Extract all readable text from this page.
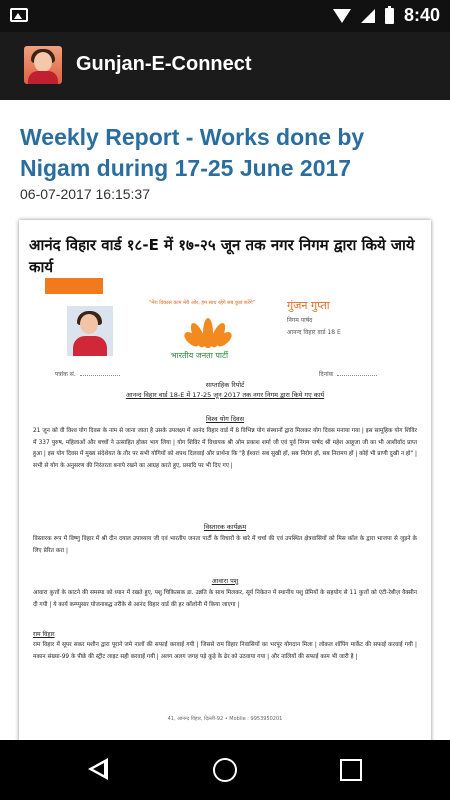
8:40
Gunjan-E-Connect
Weekly Report - Works done by Nigam during 17-25 June 2017
06-07-2017 16:15:37
आनंद विहार वार्ड १८-E में १७-२५ जून तक नगर निगम द्वारा किये जाये कार्य
"मेरा विकास काम मेरी ओर, हम साथ रहेंगे सब कुछ करेंगे"
भारतीय जनता पार्टी
गुंजन गुप्ता
निगम पार्षद
आनन्द विहार वार्ड 18 E
पत्रांक सं.	दिनांक
साप्ताहिक रिपोर्ट
आनन्द विहार वार्ड 18-E में 17-25 जून 2017 तक नगर निगम द्वारा किये गए कार्य
विश्व योग दिवस
21 जून को वी विश्व योग दिवस के नाम से जाना जाता है उसके उपलक्ष्य में आनंद विहार वार्ड में 8 विभिन्न योग संस्थानों द्वारा मिलकर योग दिवस मनाया गया | इस सामूहिक योग शिविर में 337 पुरुष, महिलाओं और बच्चों ने उत्साहित होकर भाग लिया | योग शिविर में विधायक श्री ओम प्रकाश शर्मा जी एवं पूर्व निगम पार्षद श्री महेश आहूजा जी का भी आशीर्वाद प्राप्त हुआ | इस योग दिवस में मुख्य संदेशेयत के तौर पर सभी योगियों को शपथ दिलवाई और प्रार्थना कि "है ईश्वर! सब सुखी हों, सब निरोग हों, सब निरामय हों | कोई भी प्राणी दुखी न हो" | सभी से योग के अनुसरण की निरंतरता बनाये रखने का आग्रह करते हुए, प्रसादि पर भी दिए गए |
विस्तारक कार्यक्रम
विस्तारक रूप में विष्णु विहार में श्री दीन दयाल उपाध्याय जी एवं भारतीय जनता पार्टी के विचारों के बारे में चर्चा की एवं उपस्थित क्षेत्रवासियों को मिस कॉल के द्वारा भाजपा से जुड़ने के लिए प्रेरित करा |
आवारा पशु
आवारा कुत्तों के काटने की समस्या को ध्यान में रखते हुए, पशु चिकित्सक डा. उन्नति के साथ मिलकर, सूर्य निकेतन में स्थानीय पशु प्रेमियों के सहयोग से 11 कुत्तों को एंटी-रेबीज़ वैक्सीन दी गयी | ये कार्य कम्प्युसार योजनाबद्ध तरीके से आनंद विहार वार्ड की हर कॉलोनी में किया जाएगा |
राम विहार
राम विहार में सूपर सकर मशीन द्वारा पूराने जमे नालों की सफाई करवाई गयी | जिससे राम विहार निवासियों का भरपूर योगदान मिला | लोकल शॉपिंग मार्केट की सफाई करवाई गयी | मकान संख्या-99 के पीछे की स्ट्रीट लाइट सही करवाई गयी | अलग अलग जगह पड़े कूड़े के ढेर को उठवाया गया | और नालियों की सफाई काम भी जारी है |
41, आनन्द विहार, दिल्ली-92 • Mobile : 9953950201
